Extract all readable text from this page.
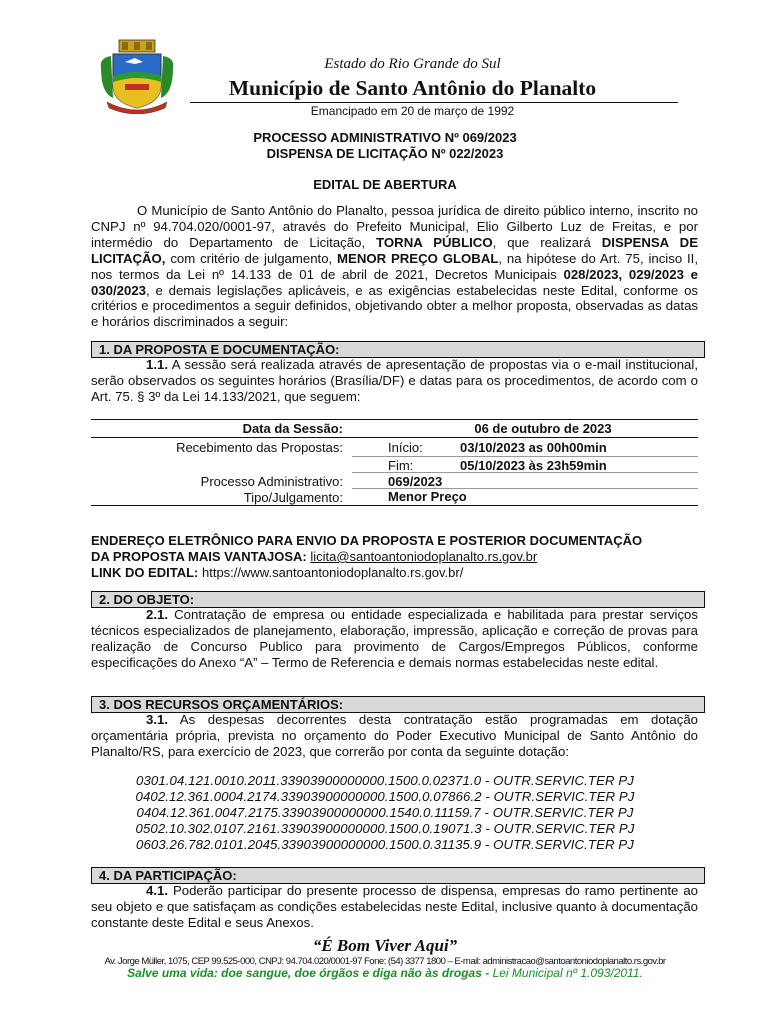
Estado do Rio Grande do Sul
Município de Santo Antônio do Planalto
Emancipado em 20 de março de 1992
PROCESSO ADMINISTRATIVO Nº 069/2023
DISPENSA DE LICITAÇÃO Nº 022/2023
EDITAL DE ABERTURA
O Município de Santo Antônio do Planalto, pessoa jurídica de direito público interno, inscrito no CNPJ nº 94.704.020/0001-97, através do Prefeito Municipal, Elio Gilberto Luz de Freitas, e por intermédio do Departamento de Licitação, TORNA PÚBLICO, que realizará DISPENSA DE LICITAÇÃO, com critério de julgamento, MENOR PREÇO GLOBAL, na hipótese do Art. 75, inciso II, nos termos da Lei nº 14.133 de 01 de abril de 2021, Decretos Municipais 028/2023, 029/2023 e 030/2023, e demais legislações aplicáveis, e as exigências estabelecidas neste Edital, conforme os critérios e procedimentos a seguir definidos, objetivando obter a melhor proposta, observadas as datas e horários discriminados a seguir:
1. DA PROPOSTA E DOCUMENTAÇÃO:
1.1. A sessão será realizada através de apresentação de propostas via o e-mail institucional, serão observados os seguintes horários (Brasília/DF) e datas para os procedimentos, de acordo com o Art. 75. § 3º da Lei 14.133/2021, que seguem:
Data da Sessão:	06 de outubro de 2023
Recebimento das Propostas:	Início:	03/10/2023 as 00h00min
Fim:	05/10/2023 às 23h59min
Processo Administrativo:	069/2023
Tipo/Julgamento:	Menor Preço
ENDEREÇO ELETRÔNICO PARA ENVIO DA PROPOSTA E POSTERIOR DOCUMENTAÇÃO
DA PROPOSTA MAIS VANTAJOSA: licita@santoantoniodoplanalto.rs.gov.br
LINK DO EDITAL: https://www.santoantoniodoplanalto.rs.gov.br/
2. DO OBJETO:
2.1. Contratação de empresa ou entidade especializada e habilitada para prestar serviços técnicos especializados de planejamento, elaboração, impressão, aplicação e correção de provas para realização de Concurso Publico para provimento de Cargos/Empregos Públicos, conforme especificações do Anexo “A” – Termo de Referencia e demais normas estabelecidas neste edital.
3. DOS RECURSOS ORÇAMENTÁRIOS:
3.1. As despesas decorrentes desta contratação estão programadas em dotação orçamentária própria, prevista no orçamento do Poder Executivo Municipal de Santo Antônio do Planalto/RS, para exercício de 2023, que correrão por conta da seguinte dotação:
0301.04.121.0010.2011.33903900000000.1500.0.02371.0 - OUTR.SERVIC.TER PJ
0402.12.361.0004.2174.33903900000000.1500.0.07866.2 - OUTR.SERVIC.TER PJ
0404.12.361.0047.2175.33903900000000.1540.0.11159.7 - OUTR.SERVIC.TER PJ
0502.10.302.0107.2161.33903900000000.1500.0.19071.3 - OUTR.SERVIC.TER PJ
0603.26.782.0101.2045.33903900000000.1500.0.31135.9 - OUTR.SERVIC.TER PJ
4. DA PARTICIPAÇÃO:
4.1. Poderão participar do presente processo de dispensa, empresas do ramo pertinente ao seu objeto e que satisfaçam as condições estabelecidas neste Edital, inclusive quanto à documentação constante deste Edital e seus Anexos.
“É Bom Viver Aqui”
Av. Jorge Müller, 1075, CEP 99.525-000, CNPJ: 94.704.020/0001-97 Fone: (54) 3377 1800 – E-mail: administracao@santoantoniodoplanalto.rs.gov.br
Salve uma vida: doe sangue, doe órgãos e diga não às drogas - Lei Municipal nº 1.093/2011.
